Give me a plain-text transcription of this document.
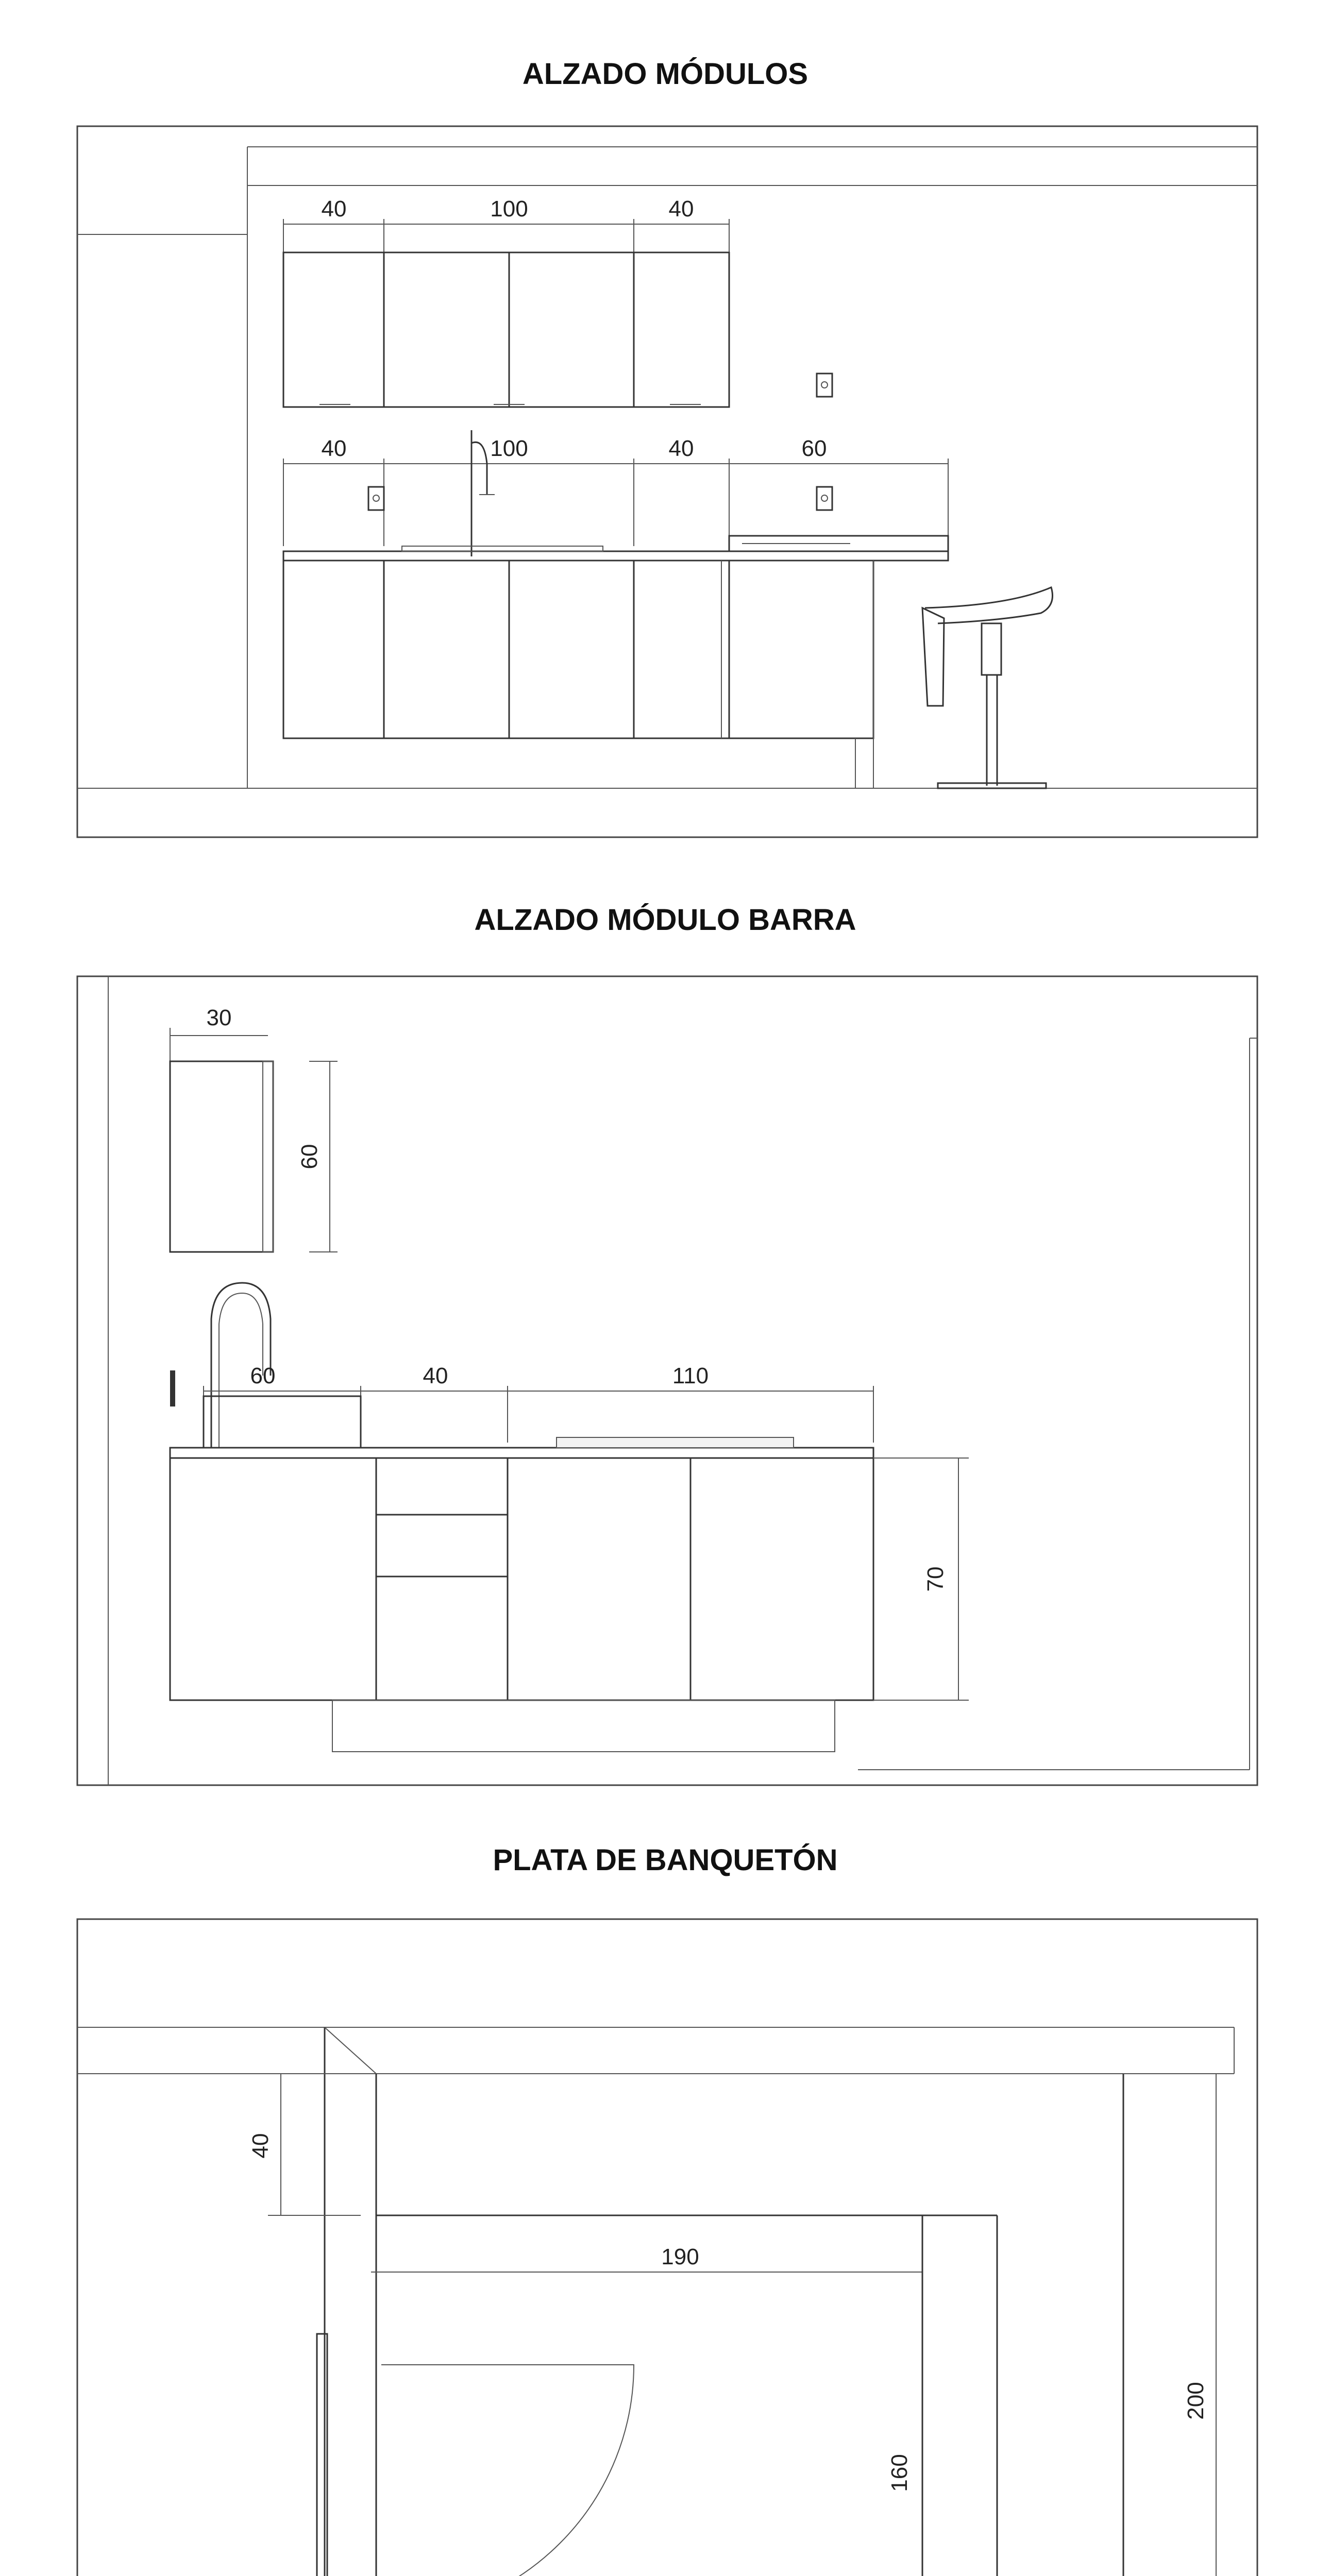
ALZADO MÓDULOS
40	100	40
40	100	40	60
ALZADO MÓDULO BARRA
30
60
60	40	110
70
PLATA DE BANQUETÓN
40
190
160
200
